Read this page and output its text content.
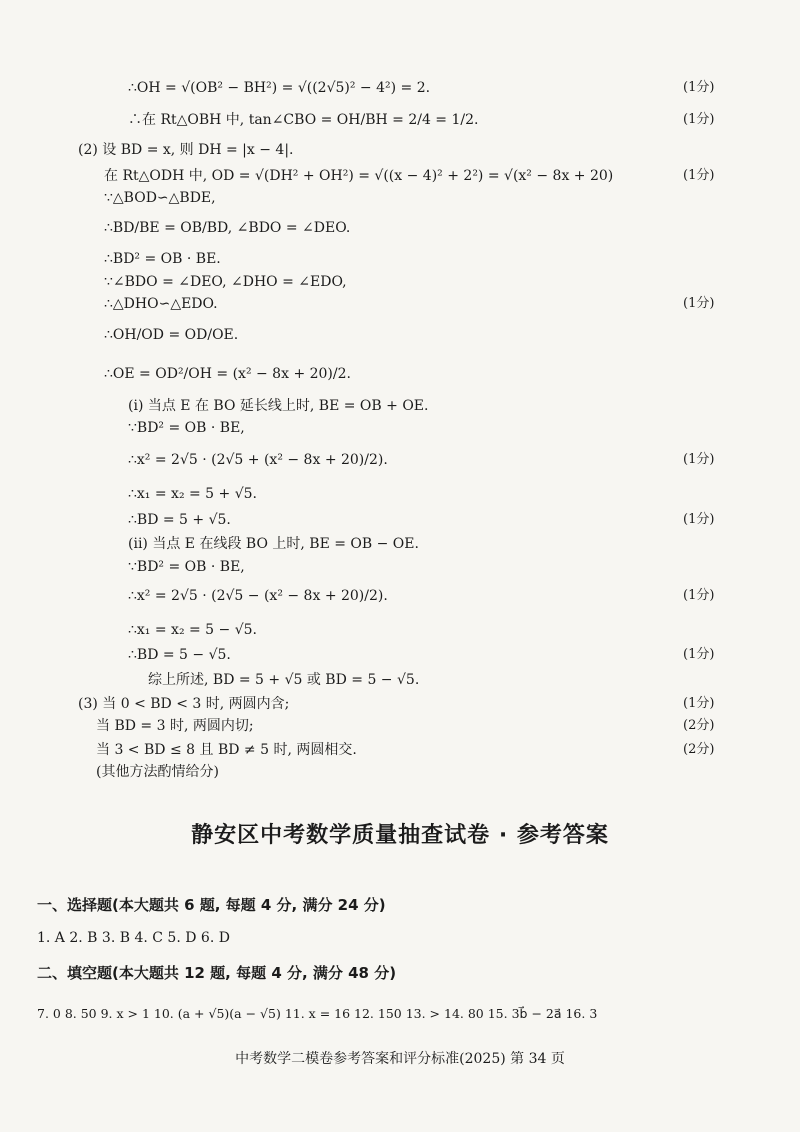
∴OH = √(OB² − BH²) = √((2√5)² − 4²) = 2.
∴在 Rt△OBH 中, tan∠CBO = OH/BH = 2/4 = 1/2.
(2) 设 BD = x, 则 DH = |x − 4|.
在 Rt△ODH 中, OD = √(DH² + OH²) = √((x − 4)² + 2²) = √(x² − 8x + 20)
∵△BOD∽△BDE,
∴BD/BE = OB/BD, ∠BDO = ∠DEO.
∴BD² = OB · BE.
∵∠BDO = ∠DEO, ∠DHO = ∠EDO,
∴△DHO∽△EDO.
∴OH/OD = OD/OE.
∴OE = OD²/OH = (x² − 8x + 20)/2.
(i) 当点 E 在 BO 延长线上时, BE = OB + OE.
∵BD² = OB · BE,
∴x² = 2√5 · (2√5 + (x² − 8x + 20)/2).
∴x₁ = x₂ = 5 + √5.
∴BD = 5 + √5.
(ii) 当点 E 在线段 BO 上时, BE = OB − OE.
∵BD² = OB · BE,
∴x² = 2√5 · (2√5 − (x² − 8x + 20)/2).
∴x₁ = x₂ = 5 − √5.
∴BD = 5 − √5.
综上所述, BD = 5 + √5 或 BD = 5 − √5.
(3) 当 0 < BD < 3 时, 两圆内含;
当 BD = 3 时, 两圆内切;
当 3 < BD ≤ 8 且 BD ≠ 5 时, 两圆相交.
(其他方法酌情给分)
(1分)
(1分)
(1分)
(1分)
(1分)
(1分)
(1分)
(1分)
(1分)
(2分)
(2分)
静安区中考数学质量抽查试卷 · 参考答案
一、选择题(本大题共 6 题, 每题 4 分, 满分 24 分)
1. A 2. B 3. B 4. C 5. D 6. D
二、填空题(本大题共 12 题, 每题 4 分, 满分 48 分)
7. 0 8. 50 9. x > 1 10. (a + √5)(a − √5) 11. x = 16 12. 150 13. > 14. 80 15. 3b⃗ − 2a⃗ 16. 3
中考数学二模卷参考答案和评分标准(2025) 第 34 页
